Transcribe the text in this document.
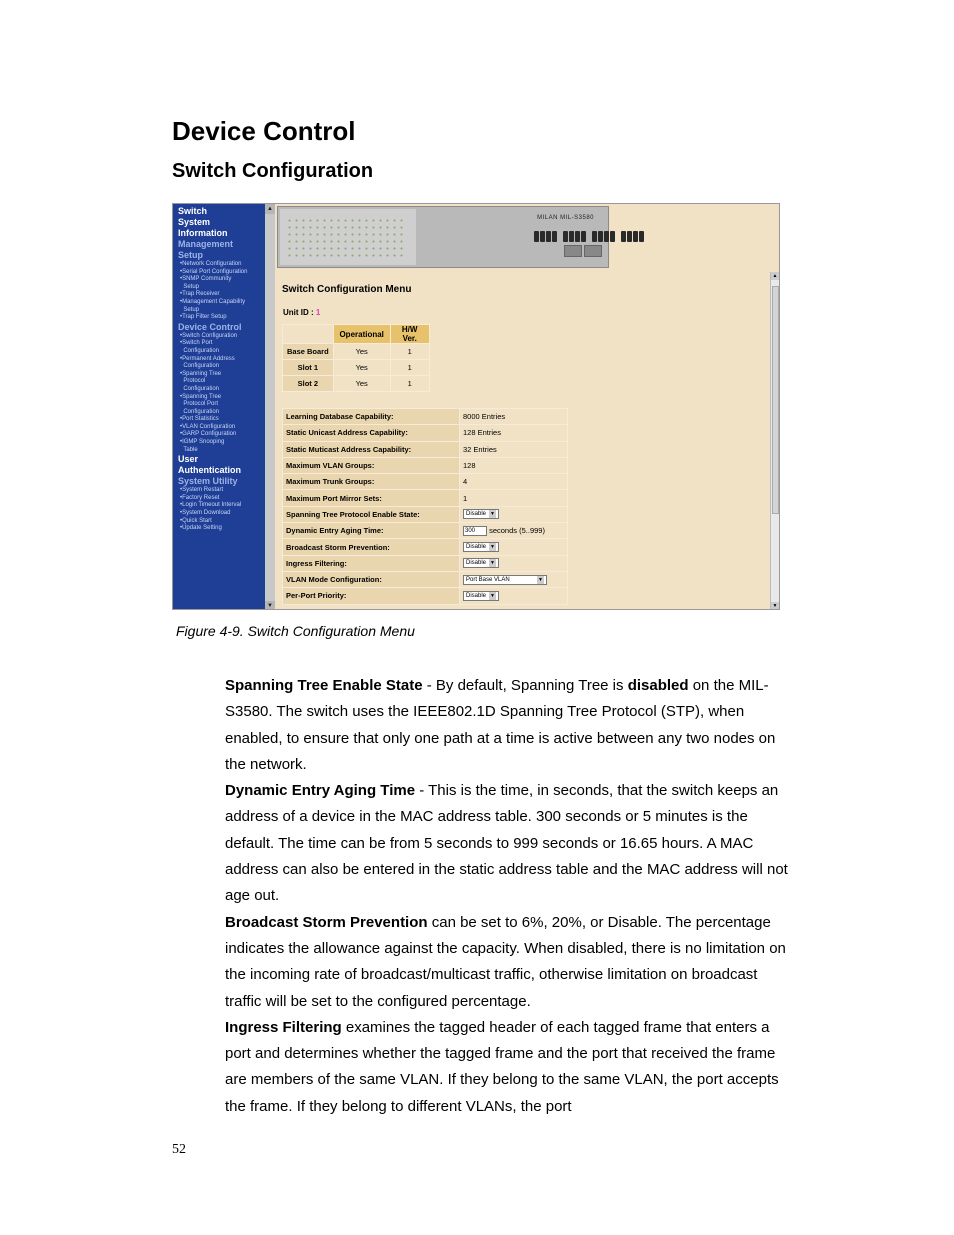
Device Control
Switch Configuration
Switch
System
Information
Management
Setup
•Network Configuration
•Serial Port Configuration
•SNMP Community
Setup
•Trap Receiver
•Management Capability
Setup
•Trap Filter Setup
Device Control
•Switch Configuration
•Switch Port
Configuration
•Permanent Address
Configuration
•Spanning Tree
Protocol
Configuration
•Spanning Tree
Protocol Port
Configuration
•Port Statistics
•VLAN Configuration
•GARP Configuration
•IGMP Snooping
Table
User
Authentication
System Utility
•System Restart
•Factory Reset
•Login Timeout Interval
•System Download
•Quick Start
•Update Setting
▲
▼
MILAN MIL-S3580
Switch Configuration Menu
Unit ID : 1
	Operational	H/W Ver.
Base Board	Yes	1
Slot 1	Yes	1
Slot 2	Yes	1
Learning Database Capability:	8000 Entries
Static Unicast Address Capability:	128 Entries
Static Muticast Address Capability:	32 Entries
Maximum VLAN Groups:	128
Maximum Trunk Groups:	4
Maximum Port Mirror Sets:	1
Spanning Tree Protocol Enable State:	Disable ▼
Dynamic Entry Aging Time:	300 seconds (5..999)
Broadcast Storm Prevention:	Disable ▼
Ingress Filtering:	Disable ▼
VLAN Mode Configuration:	Port Base VLAN ▼

Per-Port Priority:	Disable ▼
▲
▼
Figure 4-9. Switch Configuration Menu

Spanning Tree Enable State - By default, Spanning Tree is disabled on the MIL-S3580. The switch uses the IEEE802.1D Spanning Tree Protocol (STP), when enabled, to ensure that only one path at a time is active between any two nodes on the network.

Dynamic Entry Aging Time - This is the time, in seconds, that the switch keeps an address of a device in the MAC address table. 300 seconds or 5 minutes is the default. The time can be from 5 seconds to 999 seconds or 16.65 hours. A MAC address can also be entered in the static address table and the MAC address will not age out.

Broadcast Storm Prevention can be set to 6%, 20%, or Disable. The percentage indicates the allowance against the capacity. When disabled, there is no limitation on the incoming rate of broadcast/multicast traffic, otherwise limitation on broadcast traffic will be set to the configured percentage.

Ingress Filtering examines the tagged header of each tagged frame that enters a port and determines whether the tagged frame and the port that received the frame are members of the same VLAN. If they belong to the same VLAN, the port accepts the frame. If they belong to different VLANs, the port

52
